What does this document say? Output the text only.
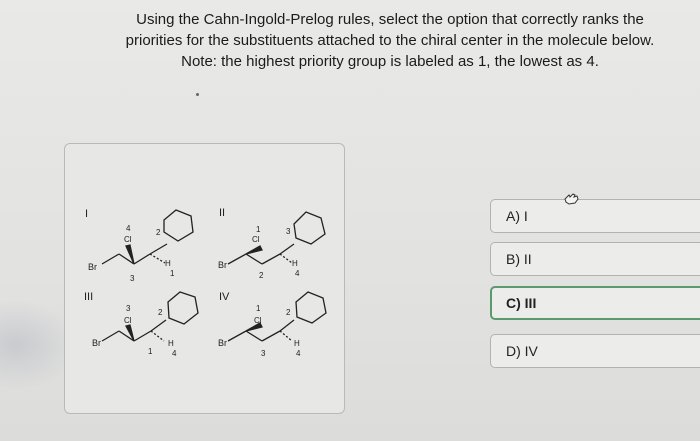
Using the Cahn-Ingold-Prelog rules, select the option that correctly ranks the
priorities for the substituents attached to the chiral center in the molecule below.
Note: the highest priority group is labeled as 1, the lowest as 4.
I	II
III	IV
Br
Cl
H
4	2
1
3
Br
Cl
H
1	3
4
2
Br
Cl
H
3	2
4
1
Br
Cl
H
1	2
4
3
A) I
B) II
C) III
D) IV
